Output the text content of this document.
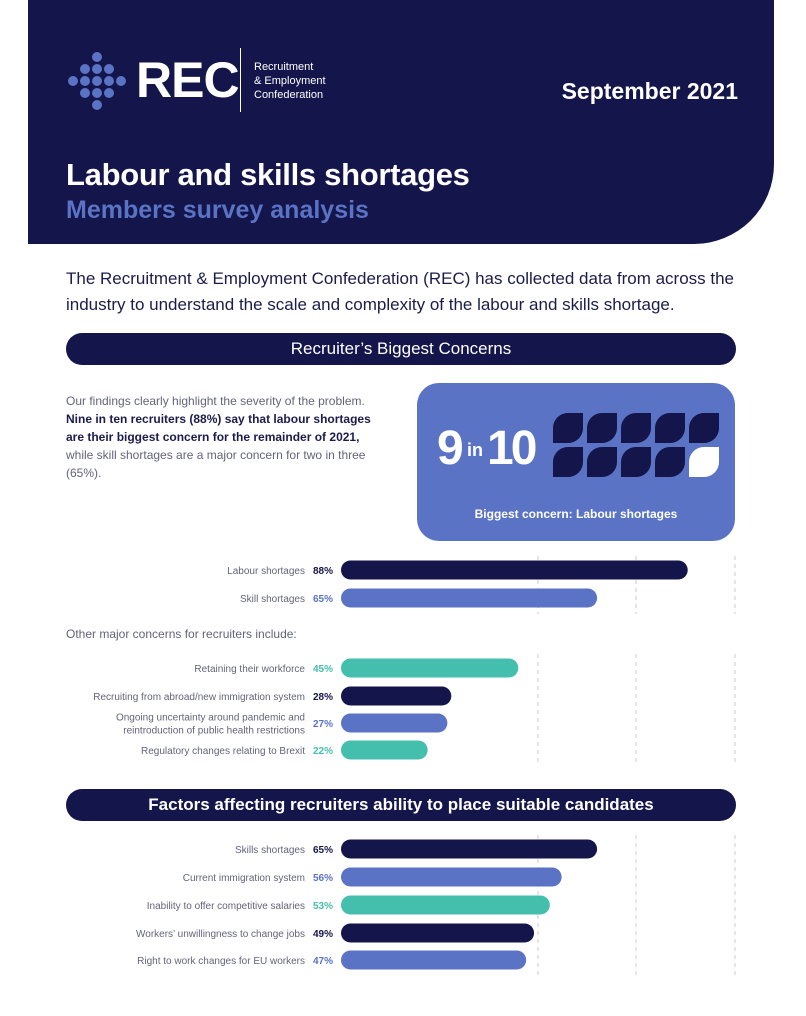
REC Recruitment
& Employment
Confederation	September 2021
Labour and skills shortages
Members survey analysis
The Recruitment & Employment Confederation (REC) has collected data from across the industry to understand the scale and complexity of the labour and skills shortage.
Recruiter’s Biggest Concerns
Our findings clearly highlight the severity of the problem. Nine in ten recruiters (88%) say that labour shortages are their biggest concern for the remainder of 2021, while skill shortages are a major concern for two in three (65%).	9 in 10
Biggest concern: Labour shortages
Other major concerns for recruiters include:
Factors affecting recruiters ability to place suitable candidates
88%
Labour shortages
65%
Skill shortages
45%
Retaining their workforce
28%
Recruiting from abroad/new immigration system
27%
Ongoing uncertainty around pandemic and
reintroduction of public health restrictions
22%
Regulatory changes relating to Brexit
65%
Skills shortages
56%
Current immigration system
53%
Inability to offer competitive salaries
49%
Workers’ unwillingness to change jobs
47%
Right to work changes for EU workers
